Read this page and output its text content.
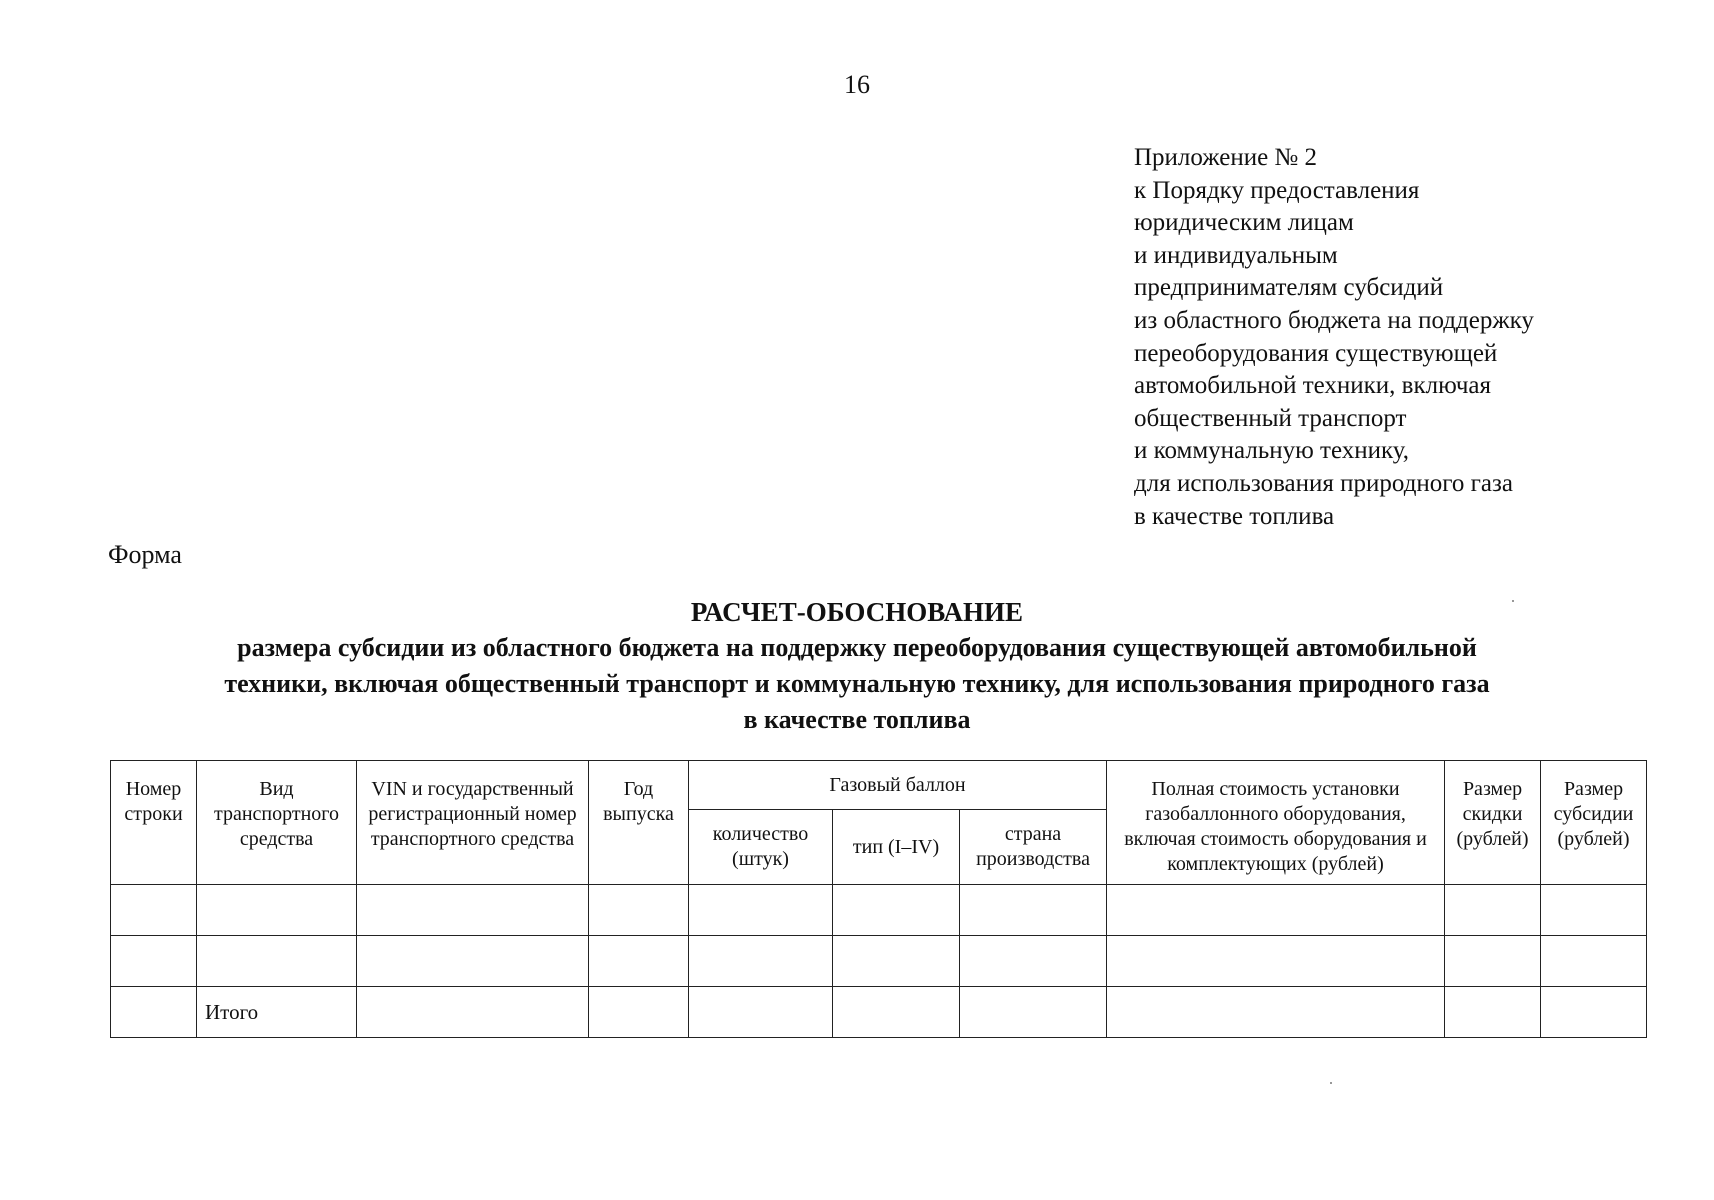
16
Приложение № 2
к Порядку предоставления
юридическим лицам
и индивидуальным
предпринимателям субсидий
из областного бюджета на поддержку
переоборудования существующей
автомобильной техники, включая
общественный транспорт
и коммунальную технику,
для использования природного газа
в качестве топлива
Форма
РАСЧЕТ-ОБОСНОВАНИЕ
размера субсидии из областного бюджета на поддержку переоборудования существующей автомобильной
техники, включая общественный транспорт и коммунальную технику, для использования природного газа
в качестве топлива
Номер строки	Вид транспортного средства	VIN и государственный регистрационный номер транспортного средства	Год выпуска	Газовый баллон			Полная стоимость установки газобаллонного оборудования, включая стоимость оборудования и комплектующих (рублей)	Размер скидки (рублей)	Размер субсидии (рублей)
				количество (штук)	тип (I–IV)	страна производства			

	Итого								
